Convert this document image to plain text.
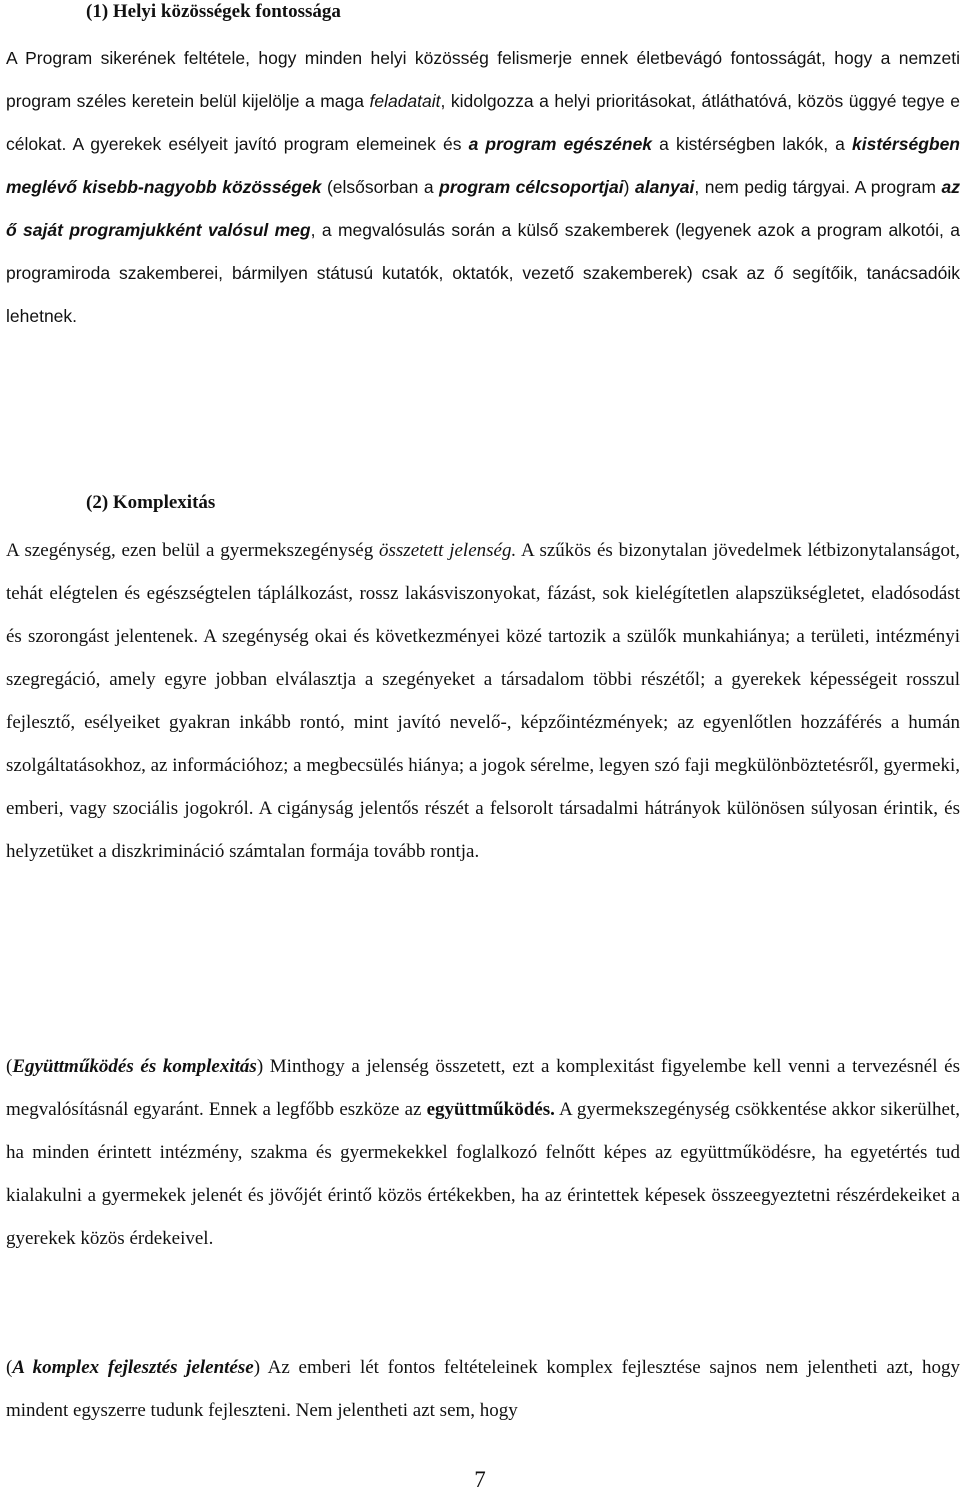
(1) Helyi közösségek fontossága

A Program sikerének feltétele, hogy minden helyi közösség felismerje ennek életbevágó fontosságát, hogy a nemzeti program széles keretein belül kijelölje a maga feladatait, kidolgozza a helyi prioritásokat, átláthatóvá, közös üggyé tegye e célokat. A gyerekek esélyeit javító program elemeinek és a program egészének a kistérségben lakók, a kistérségben meglévő kisebb-nagyobb közösségek (elsősorban a program célcsoportjai) alanyai, nem pedig tárgyai. A program az ő saját programjukként valósul meg, a megvalósulás során a külső szakemberek (legyenek azok a program alkotói, a programiroda szakemberei, bármilyen státusú kutatók, oktatók, vezető szakemberek) csak az ő segítőik, tanácsadóik lehetnek.

(2) Komplexitás

A szegénység, ezen belül a gyermekszegénység összetett jelenség. A szűkös és bizonytalan jövedelmek létbizonytalanságot, tehát elégtelen és egészségtelen táplálkozást, rossz lakásviszonyokat, fázást, sok kielégítetlen alapszükségletet, eladósodást és szorongást jelentenek. A szegénység okai és következményei közé tartozik a szülők munkahiánya; a területi, intézményi szegregáció, amely egyre jobban elválasztja a szegényeket a társadalom többi részétől; a gyerekek képességeit rosszul fejlesztő, esélyeiket gyakran inkább rontó, mint javító nevelő-, képzőintézmények; az egyenlőtlen hozzáférés a humán szolgáltatásokhoz, az információhoz; a megbecsülés hiánya; a jogok sérelme, legyen szó faji megkülönböztetésről, gyermeki, emberi, vagy szociális jogokról. A cigányság jelentős részét a felsorolt társadalmi hátrányok különösen súlyosan érintik, és helyzetüket a diszkrimináció számtalan formája tovább rontja.

(Együttműködés és komplexitás) Minthogy a jelenség összetett, ezt a komplexitást figyelembe kell venni a tervezésnél és megvalósításnál egyaránt. Ennek a legfőbb eszköze az együttműködés. A gyermekszegénység csökkentése akkor sikerülhet, ha minden érintett intézmény, szakma és gyermekekkel foglalkozó felnőtt képes az együttműködésre, ha egyetértés tud kialakulni a gyermekek jelenét és jövőjét érintő közös értékekben, ha az érintettek képesek összeegyeztetni részérdekeiket a gyerekek közös érdekeivel.

(A komplex fejlesztés jelentése) Az emberi lét fontos feltételeinek komplex fejlesztése sajnos nem jelentheti azt, hogy mindent egyszerre tudunk fejleszteni. Nem jelentheti azt sem, hogy

7
